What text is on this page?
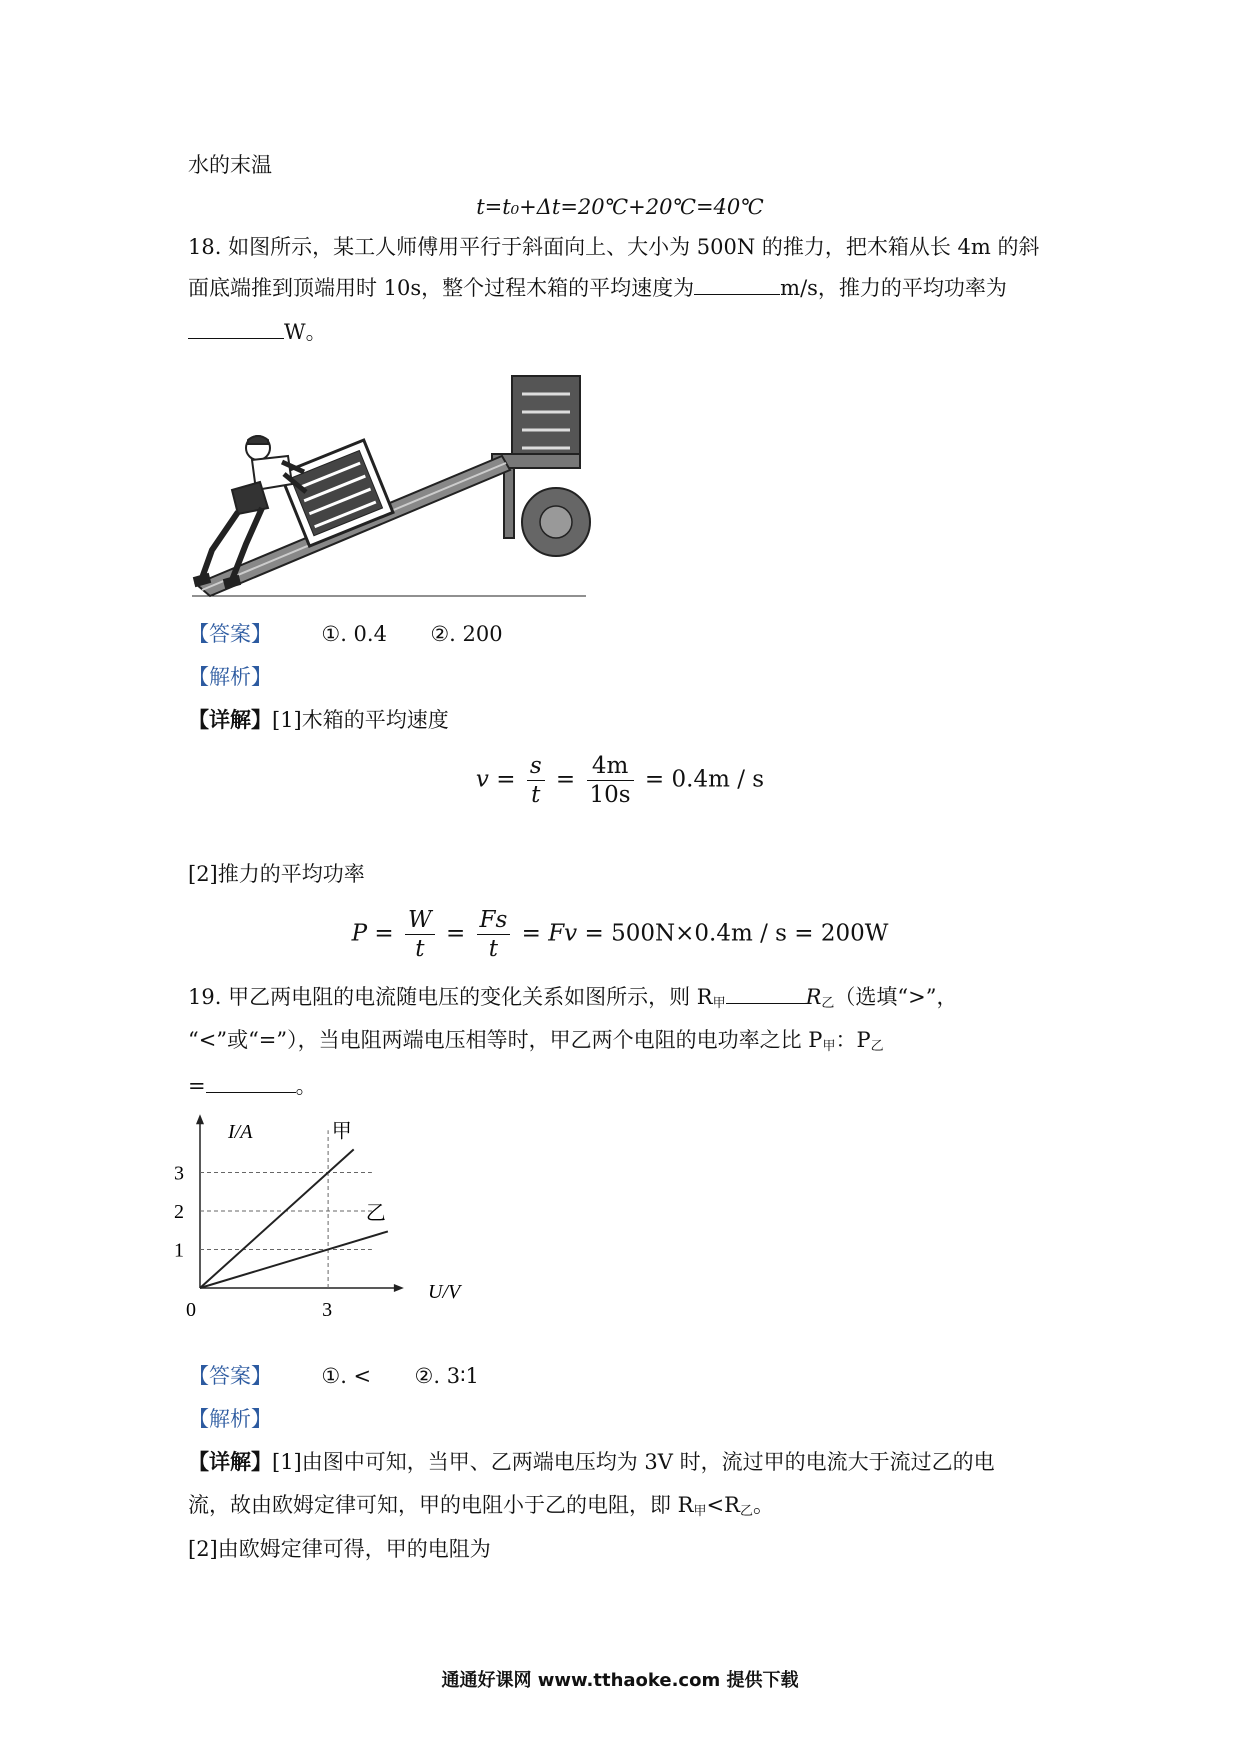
水的末温
t=t₀+Δt=20℃+20℃=40℃
18. 如图所示，某工人师傅用平行于斜面向上、大小为 500N 的推力，把木箱从长 4m 的斜
面底端推到顶端用时 10s，整个过程木箱的平均速度为	m/s，推力的平均功率为
W。
【答案】 ①. 0.4 ②. 200
【解析】
【详解】[1]木箱的平均速度
$v = \frac{s}{t} = \frac{4m}{10s} = 0.4m / s$
[2]推力的平均功率
$P = \frac{W}{t} = \frac{Fs}{t} = Fv = 500N\times 0.4m / s = 200W$
19. 甲乙两电阻的电流随电压的变化关系如图所示，则 $R_甲$	$R_乙$（选填“>”，
“<”或“=”），当电阻两端电压相等时，甲乙两个电阻的电功率之比 $P_甲$：$P_乙$
=	。
I/A
U/V
1
2
3
0	3
甲
乙
【答案】 ①. < ②. 3∶1
【解析】
【详解】[1]由图中可知，当甲、乙两端电压均为 3V 时，流过甲的电流大于流过乙的电
流，故由欧姆定律可知，甲的电阻小于乙的电阻，即 $R_甲<R_乙$。
[2]由欧姆定律可得，甲的电阻为
通通好课网 www.tthaoke.com 提供下载
